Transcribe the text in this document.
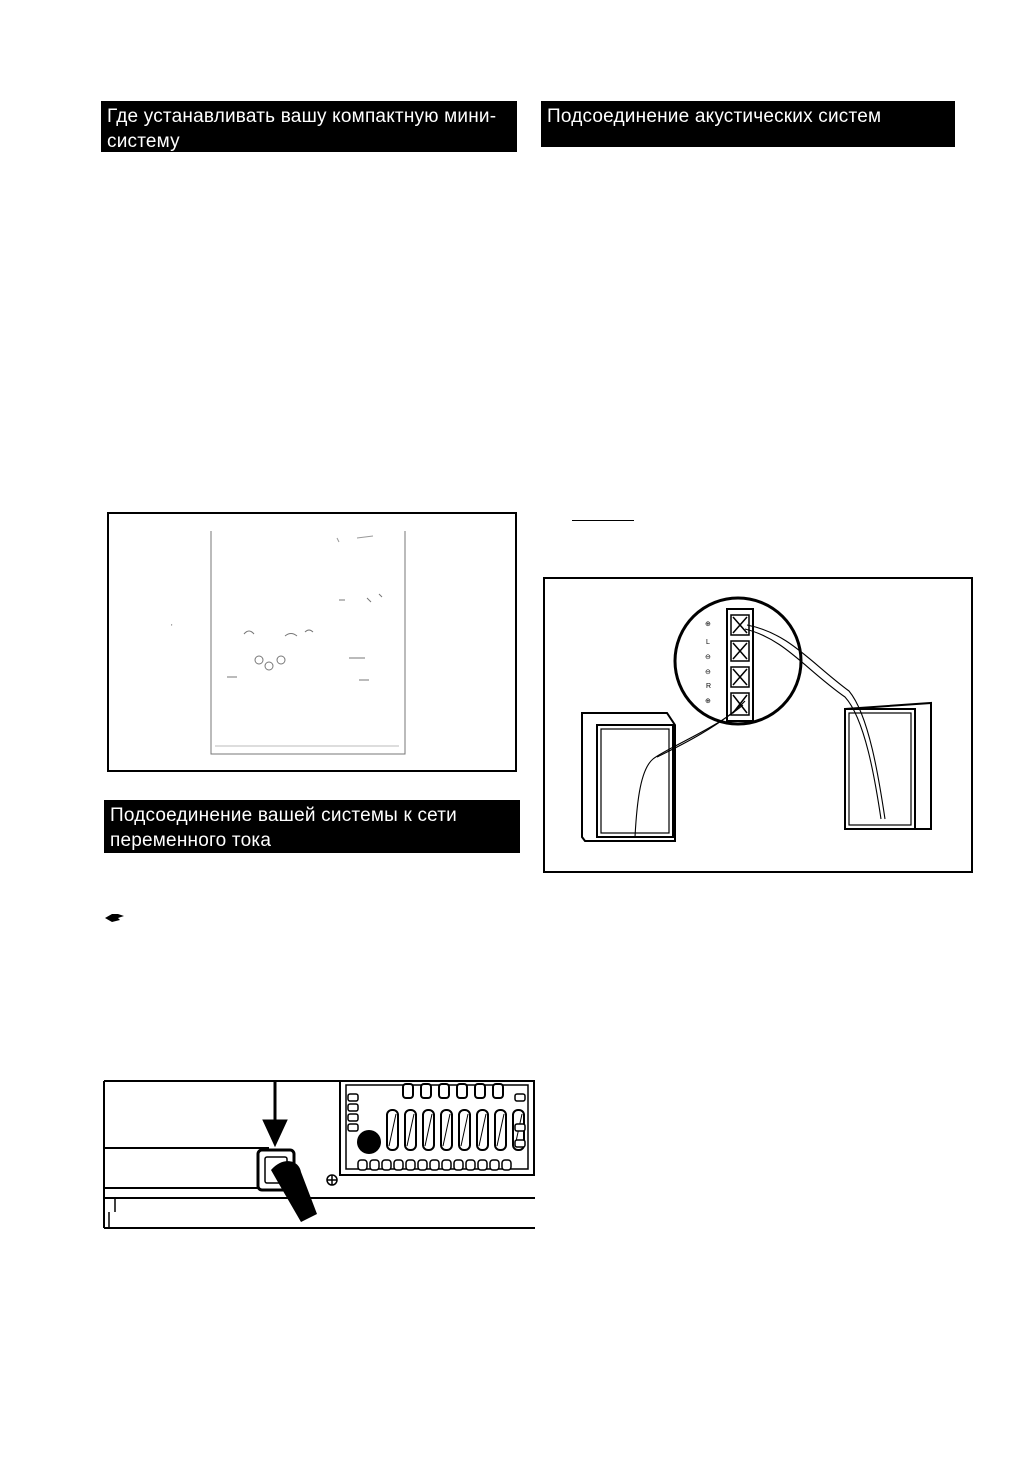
Где устанавливать вашу компактную мини-систему
Подсоединение акустических систем
Подсоединение вашей системы к сети переменного тока
'	⊕
L
⊖
⊖
R
⊕
